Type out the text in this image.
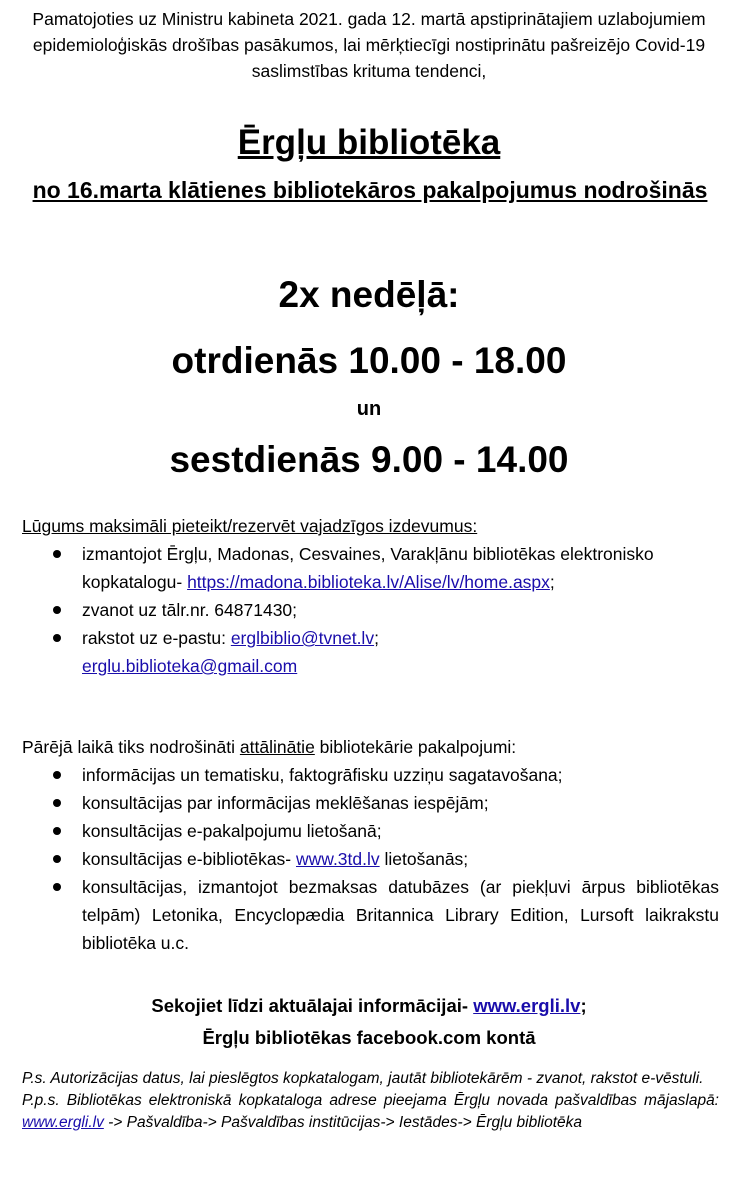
Pamatojoties uz Ministru kabineta 2021. gada 12. martā apstiprinātajiem uzlabojumiem epidemioloģiskās drošības pasākumos, lai mērķtiecīgi nostiprinātu pašreizējo Covid-19 saslimstības krituma tendenci,
Ērgļu bibliotēka
no 16.marta klātienes bibliotekāros pakalpojumus nodrošinās
2x nedēļā:
otrdienās 10.00 - 18.00
un
sestdienās 9.00 - 14.00
Lūgums maksimāli pieteikt/rezervēt vajadzīgos izdevumus:
izmantojot Ērgļu, Madonas, Cesvaines, Varakļānu bibliotēkas elektronisko
kopkatalogu- https://madona.biblioteka.lv/Alise/lv/home.aspx;
zvanot uz tālr.nr. 64871430;
rakstot uz e-pastu: erglbiblio@tvnet.lv;
erglu.biblioteka@gmail.com
Pārējā laikā tiks nodrošināti attālinātie bibliotekārie pakalpojumi:
informācijas un tematisku, faktogrāfisku uzziņu sagatavošana;
konsultācijas par informācijas meklēšanas iespējām;
konsultācijas e-pakalpojumu lietošanā;
konsultācijas e-bibliotēkas- www.3td.lv lietošanās;
konsultācijas, izmantojot bezmaksas datubāzes (ar piekļuvi ārpus bibliotēkas telpām) Letonika, Encyclopædia Britannica Library Edition, Lursoft laikrakstu bibliotēka u.c.
Sekojiet līdzi aktuālajai informācijai- www.ergli.lv;
Ērgļu bibliotēkas facebook.com kontā

P.s. Autorizācijas datus, lai pieslēgtos kopkatalogam, jautāt bibliotekārēm - zvanot, rakstot e-vēstuli.

P.p.s. Bibliotēkas elektroniskā kopkataloga adrese pieejama Ērgļu novada pašvaldības mājaslapā: www.ergli.lv -> Pašvaldība-> Pašvaldības institūcijas-> Iestādes-> Ērgļu bibliotēka
